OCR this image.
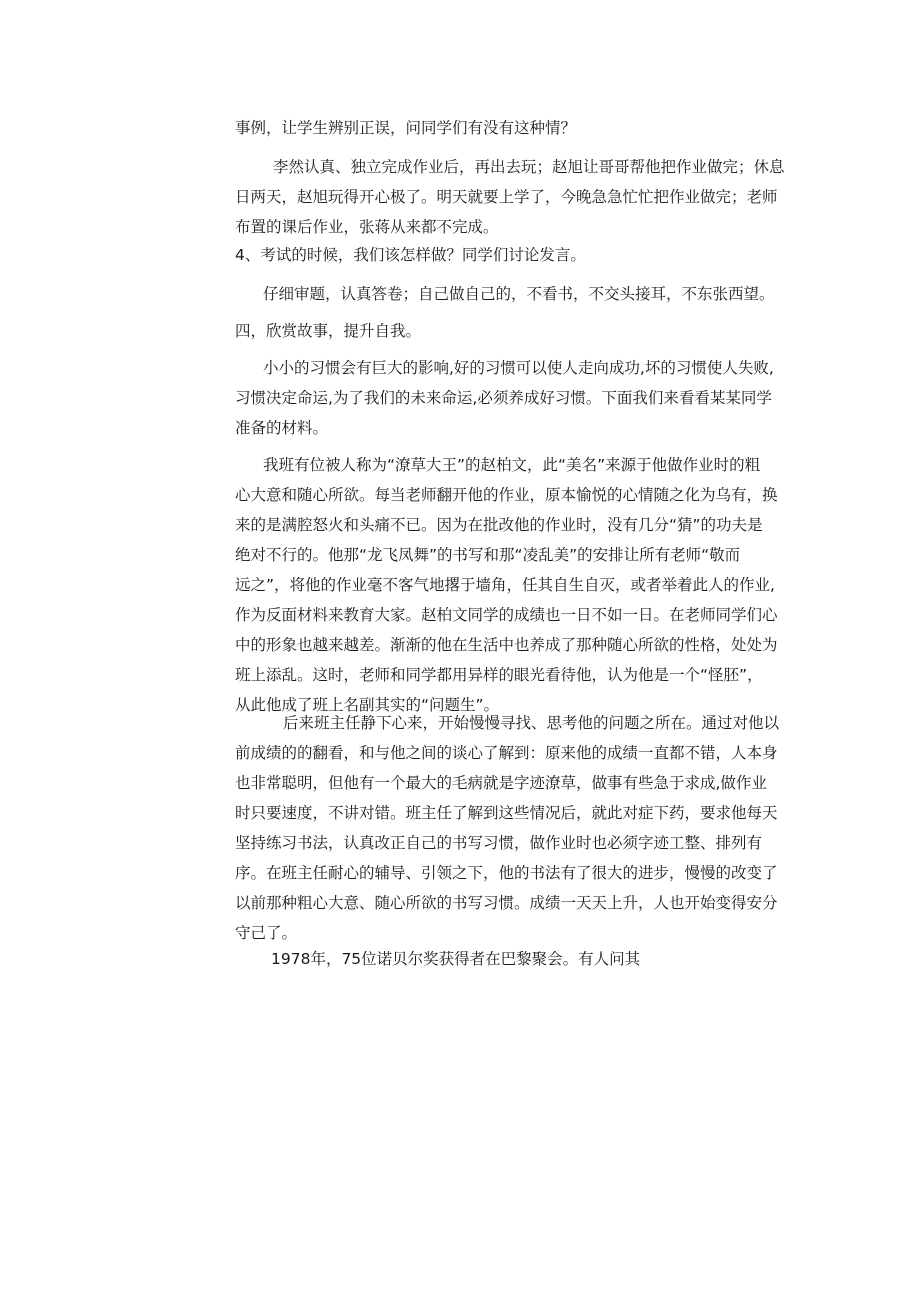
事例，让学生辨别正误，问同学们有没有这种情？
李然认真、独立完成作业后，再出去玩；赵旭让哥哥帮他把作业做完；休息
日两天，赵旭玩得开心极了。明天就要上学了，今晚急急忙忙把作业做完；老师
布置的课后作业，张蒋从来都不完成。
4、考试的时候，我们该怎样做？同学们讨论发言。
仔细审题，认真答卷；自己做自己的，不看书，不交头接耳，不东张西望。
四，欣赏故事，提升自我。
小小的习惯会有巨大的影响,好的习惯可以使人走向成功,坏的习惯使人失败,
习惯决定命运,为了我们的未来命运,必须养成好习惯。下面我们来看看某某同学
准备的材料。
我班有位被人称为“潦草大王”的赵柏文，此“美名”来源于他做作业时的粗
心大意和随心所欲。每当老师翻开他的作业，原本愉悦的心情随之化为乌有，换
来的是满腔怒火和头痛不已。因为在批改他的作业时，没有几分“猜”的功夫是
绝对不行的。他那“龙飞凤舞”的书写和那“凌乱美”的安排让所有老师“敬而
远之”，将他的作业毫不客气地撂于墙角，任其自生自灭，或者举着此人的作业,
作为反面材料来教育大家。赵柏文同学的成绩也一日不如一日。在老师同学们心
中的形象也越来越差。渐渐的他在生活中也养成了那种随心所欲的性格，处处为
班上添乱。这时，老师和同学都用异样的眼光看待他，认为他是一个“怪胚”，
从此他成了班上名副其实的“问题生”。
后来班主任静下心来，开始慢慢寻找、思考他的问题之所在。通过对他以
前成绩的的翻看，和与他之间的谈心了解到：原来他的成绩一直都不错，人本身
也非常聪明，但他有一个最大的毛病就是字迹潦草，做事有些急于求成,做作业
时只要速度，不讲对错。班主任了解到这些情况后，就此对症下药，要求他每天
坚持练习书法，认真改正自己的书写习惯，做作业时也必须字迹工整、排列有
序。在班主任耐心的辅导、引领之下，他的书法有了很大的进步，慢慢的改变了
以前那种粗心大意、随心所欲的书写习惯。成绩一天天上升，人也开始变得安分
守己了。
1978年，75位诺贝尔奖获得者在巴黎聚会。有人问其
